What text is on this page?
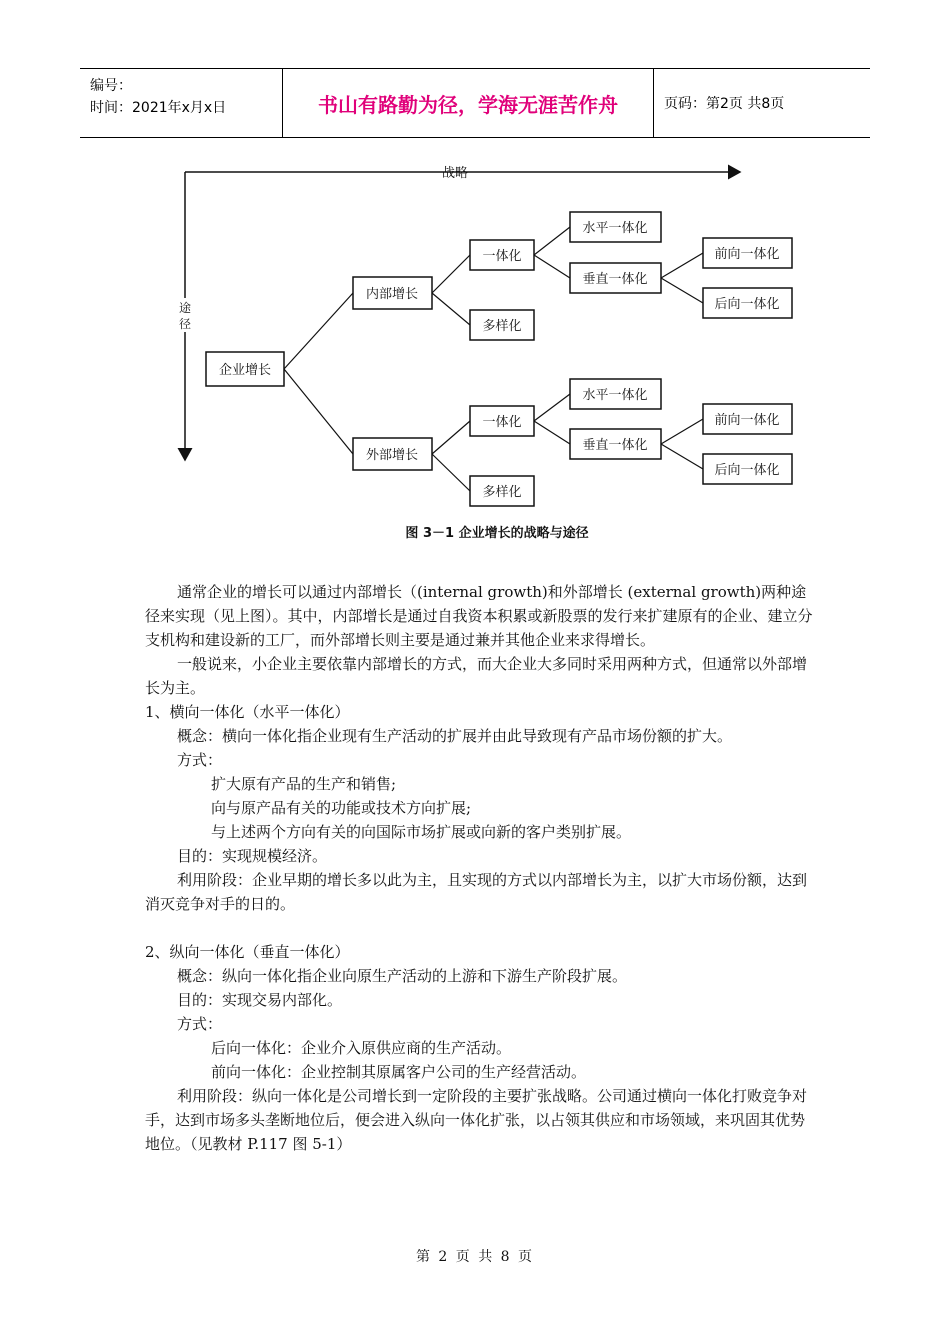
编号：
时间：2021年x月x日	书山有路勤为径，学海无涯苦作舟	页码：第2页 共8页
战略
途
径
企业增长
内部增长
外部增长
一体化
多样化
水平一体化
垂直一体化
前向一体化
后向一体化
一体化
多样化
水平一体化
垂直一体化
前向一体化
后向一体化
图 3－1 企业增长的战略与途径

通常企业的增长可以通过内部增长（(internal growth)和外部增长 (external growth)两种途径来实现（见上图）。其中，内部增长是通过自我资本积累或新股票的发行来扩建原有的企业、建立分支机构和建设新的工厂，而外部增长则主要是通过兼并其他企业来求得增长。

一般说来，小企业主要依靠内部增长的方式，而大企业大多同时采用两种方式，但通常以外部增长为主。

1、横向一体化（水平一体化）

概念：横向一体化指企业现有生产活动的扩展并由此导致现有产品市场份额的扩大。

方式：

扩大原有产品的生产和销售;

向与原产品有关的功能或技术方向扩展;

与上述两个方向有关的向国际市场扩展或向新的客户类别扩展。

目的：实现规模经济。

利用阶段：企业早期的增长多以此为主，且实现的方式以内部增长为主，以扩大市场份额，达到消灭竞争对手的日的。

2、纵向一体化（垂直一体化）

概念：纵向一体化指企业向原生产活动的上游和下游生产阶段扩展。

目的：实现交易内部化。

方式：

后向一体化：企业介入原供应商的生产活动。

前向一体化：企业控制其原属客户公司的生产经营活动。

利用阶段：纵向一体化是公司增长到一定阶段的主要扩张战略。公司通过横向一体化打败竞争对手，达到市场多头垄断地位后，便会进入纵向一体化扩张，以占领其供应和市场领域，来巩固其优势地位。（见教材 P.117 图 5-1）

第 2 页 共 8 页
